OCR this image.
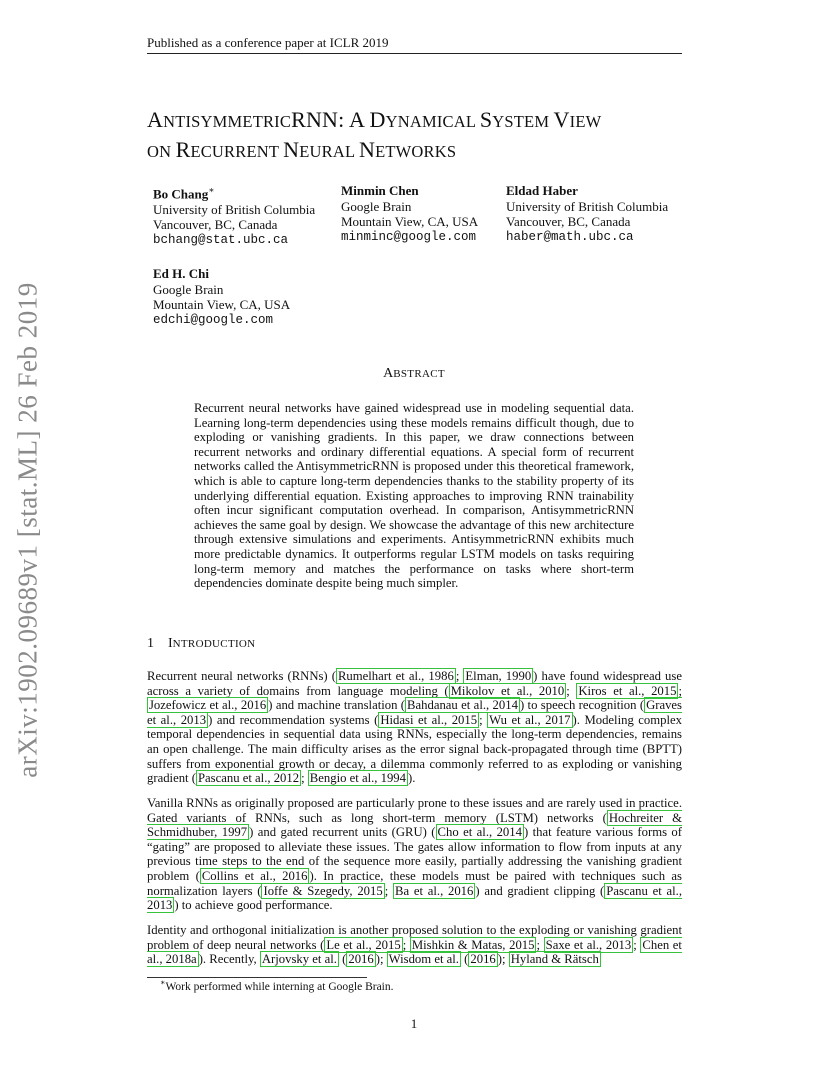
arXiv:1902.09689v1 [stat.ML] 26 Feb 2019
Published as a conference paper at ICLR 2019
ANTISYMMETRICRNN: A DYNAMICAL SYSTEM VIEW
ON RECURRENT NEURAL NETWORKS
Bo Chang∗
University of British Columbia
Vancouver, BC, Canada
bchang@stat.ubc.ca
Minmin Chen
Google Brain
Mountain View, CA, USA
minminc@google.com
Eldad Haber
University of British Columbia
Vancouver, BC, Canada
haber@math.ubc.ca
Ed H. Chi
Google Brain
Mountain View, CA, USA
edchi@google.com
ABSTRACT
Recurrent neural networks have gained widespread use in modeling sequential data. Learning long-term dependencies using these models remains difficult though, due to exploding or vanishing gradients. In this paper, we draw connections between recurrent networks and ordinary differential equations. A special form of recurrent networks called the AntisymmetricRNN is proposed under this theoretical framework, which is able to capture long-term dependencies thanks to the stability property of its underlying differential equation. Existing approaches to improving RNN trainability often incur significant computation overhead. In comparison, AntisymmetricRNN achieves the same goal by design. We showcase the advantage of this new architecture through extensive simulations and experiments. AntisymmetricRNN exhibits much more predictable dynamics. It outperforms regular LSTM models on tasks requiring long-term memory and matches the performance on tasks where short-term dependencies dominate despite being much simpler.
1 INTRODUCTION
Recurrent neural networks (RNNs) ( Rumelhart et al., 1986 ; Elman, 1990 ) have found widespread use across a variety of domains from language modeling ( Mikolov et al., 2010 ; Kiros et al., 2015 ; Jozefowicz et al., 2016 ) and machine translation ( Bahdanau et al., 2014 ) to speech recognition ( Graves et al., 2013 ) and recommendation systems ( Hidasi et al., 2015 ; Wu et al., 2017 ). Modeling complex temporal dependencies in sequential data using RNNs, especially the long-term dependencies, remains an open challenge. The main difficulty arises as the error signal back-propagated through time (BPTT) suffers from exponential growth or decay, a dilemma commonly referred to as exploding or vanishing gradient ( Pascanu et al., 2012 ; Bengio et al., 1994 ).
Vanilla RNNs as originally proposed are particularly prone to these issues and are rarely used in practice. Gated variants of RNNs, such as long short-term memory (LSTM) networks ( Hochreiter & Schmidhuber, 1997 ) and gated recurrent units (GRU) ( Cho et al., 2014 ) that feature various forms of “gating” are proposed to alleviate these issues. The gates allow information to flow from inputs at any previous time steps to the end of the sequence more easily, partially addressing the vanishing gradient problem ( Collins et al., 2016 ). In practice, these models must be paired with techniques such as normalization layers ( Ioffe & Szegedy, 2015 ; Ba et al., 2016 ) and gradient clipping ( Pascanu et al., 2013 ) to achieve good performance.
Identity and orthogonal initialization is another proposed solution to the exploding or vanishing gradient problem of deep neural networks ( Le et al., 2015 ; Mishkin & Matas, 2015 ; Saxe et al., 2013 ; Chen et al., 2018a ). Recently, Arjovsky et al. ( 2016 ); Wisdom et al. ( 2016 ); Hyland & Rätsch
∗Work performed while interning at Google Brain.
1
